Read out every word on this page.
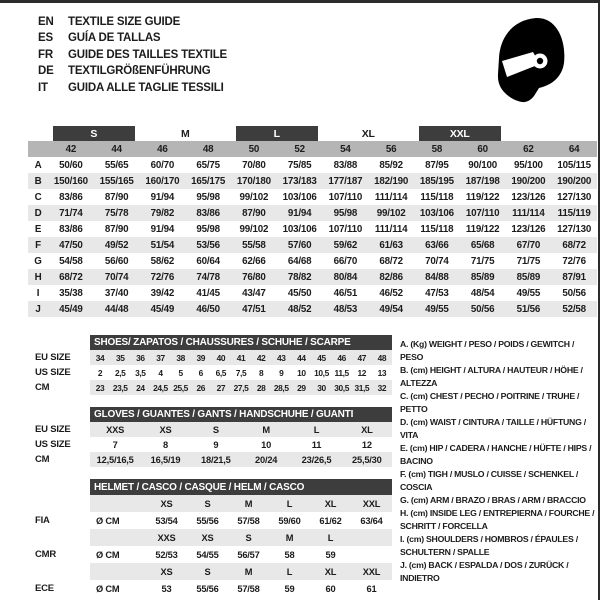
EN	TEXTILE SIZE GUIDE
ES	GUÍA DE TALLAS
FR	GUIDE DES TAILLES TEXTILE
DE	TEXTILGRÖßENFÜHRUNG
IT	GUIDA ALLE TAGLIE TESSILI
S	M	L	XL	XXL
42	44	46	48	50	52	54	56	58	60	62	64
A	50/60	55/65	60/70	65/75	70/80	75/85	83/88	85/92	87/95	90/100	95/100	105/115
B	150/160	155/165	160/170	165/175	170/180	173/183	177/187	182/190	185/195	187/198	190/200	190/200
C	83/86	87/90	91/94	95/98	99/102	103/106	107/110	111/114	115/118	119/122	123/126	127/130
D	71/74	75/78	79/82	83/86	87/90	91/94	95/98	99/102	103/106	107/110	111/114	115/119
E	83/86	87/90	91/94	95/98	99/102	103/106	107/110	111/114	115/118	119/122	123/126	127/130
F	47/50	49/52	51/54	53/56	55/58	57/60	59/62	61/63	63/66	65/68	67/70	68/72
G	54/58	56/60	58/62	60/64	62/66	64/68	66/70	68/72	70/74	71/75	71/75	72/76
H	68/72	70/74	72/76	74/78	76/80	78/82	80/84	82/86	84/88	85/89	85/89	87/91
I	35/38	37/40	39/42	41/45	43/47	45/50	46/51	46/52	47/53	48/54	49/55	50/56
J	45/49	44/48	45/49	46/50	47/51	48/52	48/53	49/54	49/55	50/56	51/56	52/58
SHOES/ ZAPATOS / CHAUSSURES / SCHUHE / SCARPE
EU SIZE	34	35	36	37	38	39	40	41	42	43	44	45	46	47	48
US SIZE	2	2,5	3,5	4	5	6	6,5	7,5	8	9	10	10,5 11,5	12	13
CM	23	23,5	24	24,5 25,5	26	27	27,5	28	28,5	29	30	30,5 31,5	32
GLOVES / GUANTES / GANTS / HANDSCHUHE / GUANTI
EU SIZE	XXS	XS	S	M	L	XL
US SIZE	7	8	9	10	11	12
CM	12,5/16,5	16,5/19	18/21,5	20/24	23/26,5	25,5/30
HELMET / CASCO / CASQUE / HELM / CASCO
XS	S	M	L	XL	XXL
FIA	Ø CM	53/54	55/56	57/58	59/60	61/62	63/64
XXS	XS	S	M	L
CMR	Ø CM	52/53	54/55	56/57	58	59
XS	S	M	L	XL	XXL
ECE	Ø CM	53	55/56	57/58	59	60	61
A. (Kg) WEIGHT / PESO / POIDS / GEWITCH / PESO
B. (cm) HEIGHT / ALTURA / HAUTEUR / HÖHE / ALTEZZA
C. (cm) CHEST / PECHO / POITRINE / TRUHE / PETTO
D. (cm) WAIST / CINTURA / TAILLE / HÜFTUNG / VITA
E. (cm) HIP / CADERA / HANCHE / HÜFTE / HIPS / BACINO
F. (cm) TIGH / MUSLO / CUISSE / SCHENKEL / COSCIA
G. (cm) ARM / BRAZO / BRAS / ARM / BRACCIO
H. (cm) INSIDE LEG / ENTREPIERNA / FOURCHE / SCHRITT / FORCELLA
I. (cm) SHOULDERS / HOMBROS / ÉPAULES / SCHULTERN / SPALLE
J. (cm) BACK / ESPALDA / DOS / ZURÜCK / INDIETRO
